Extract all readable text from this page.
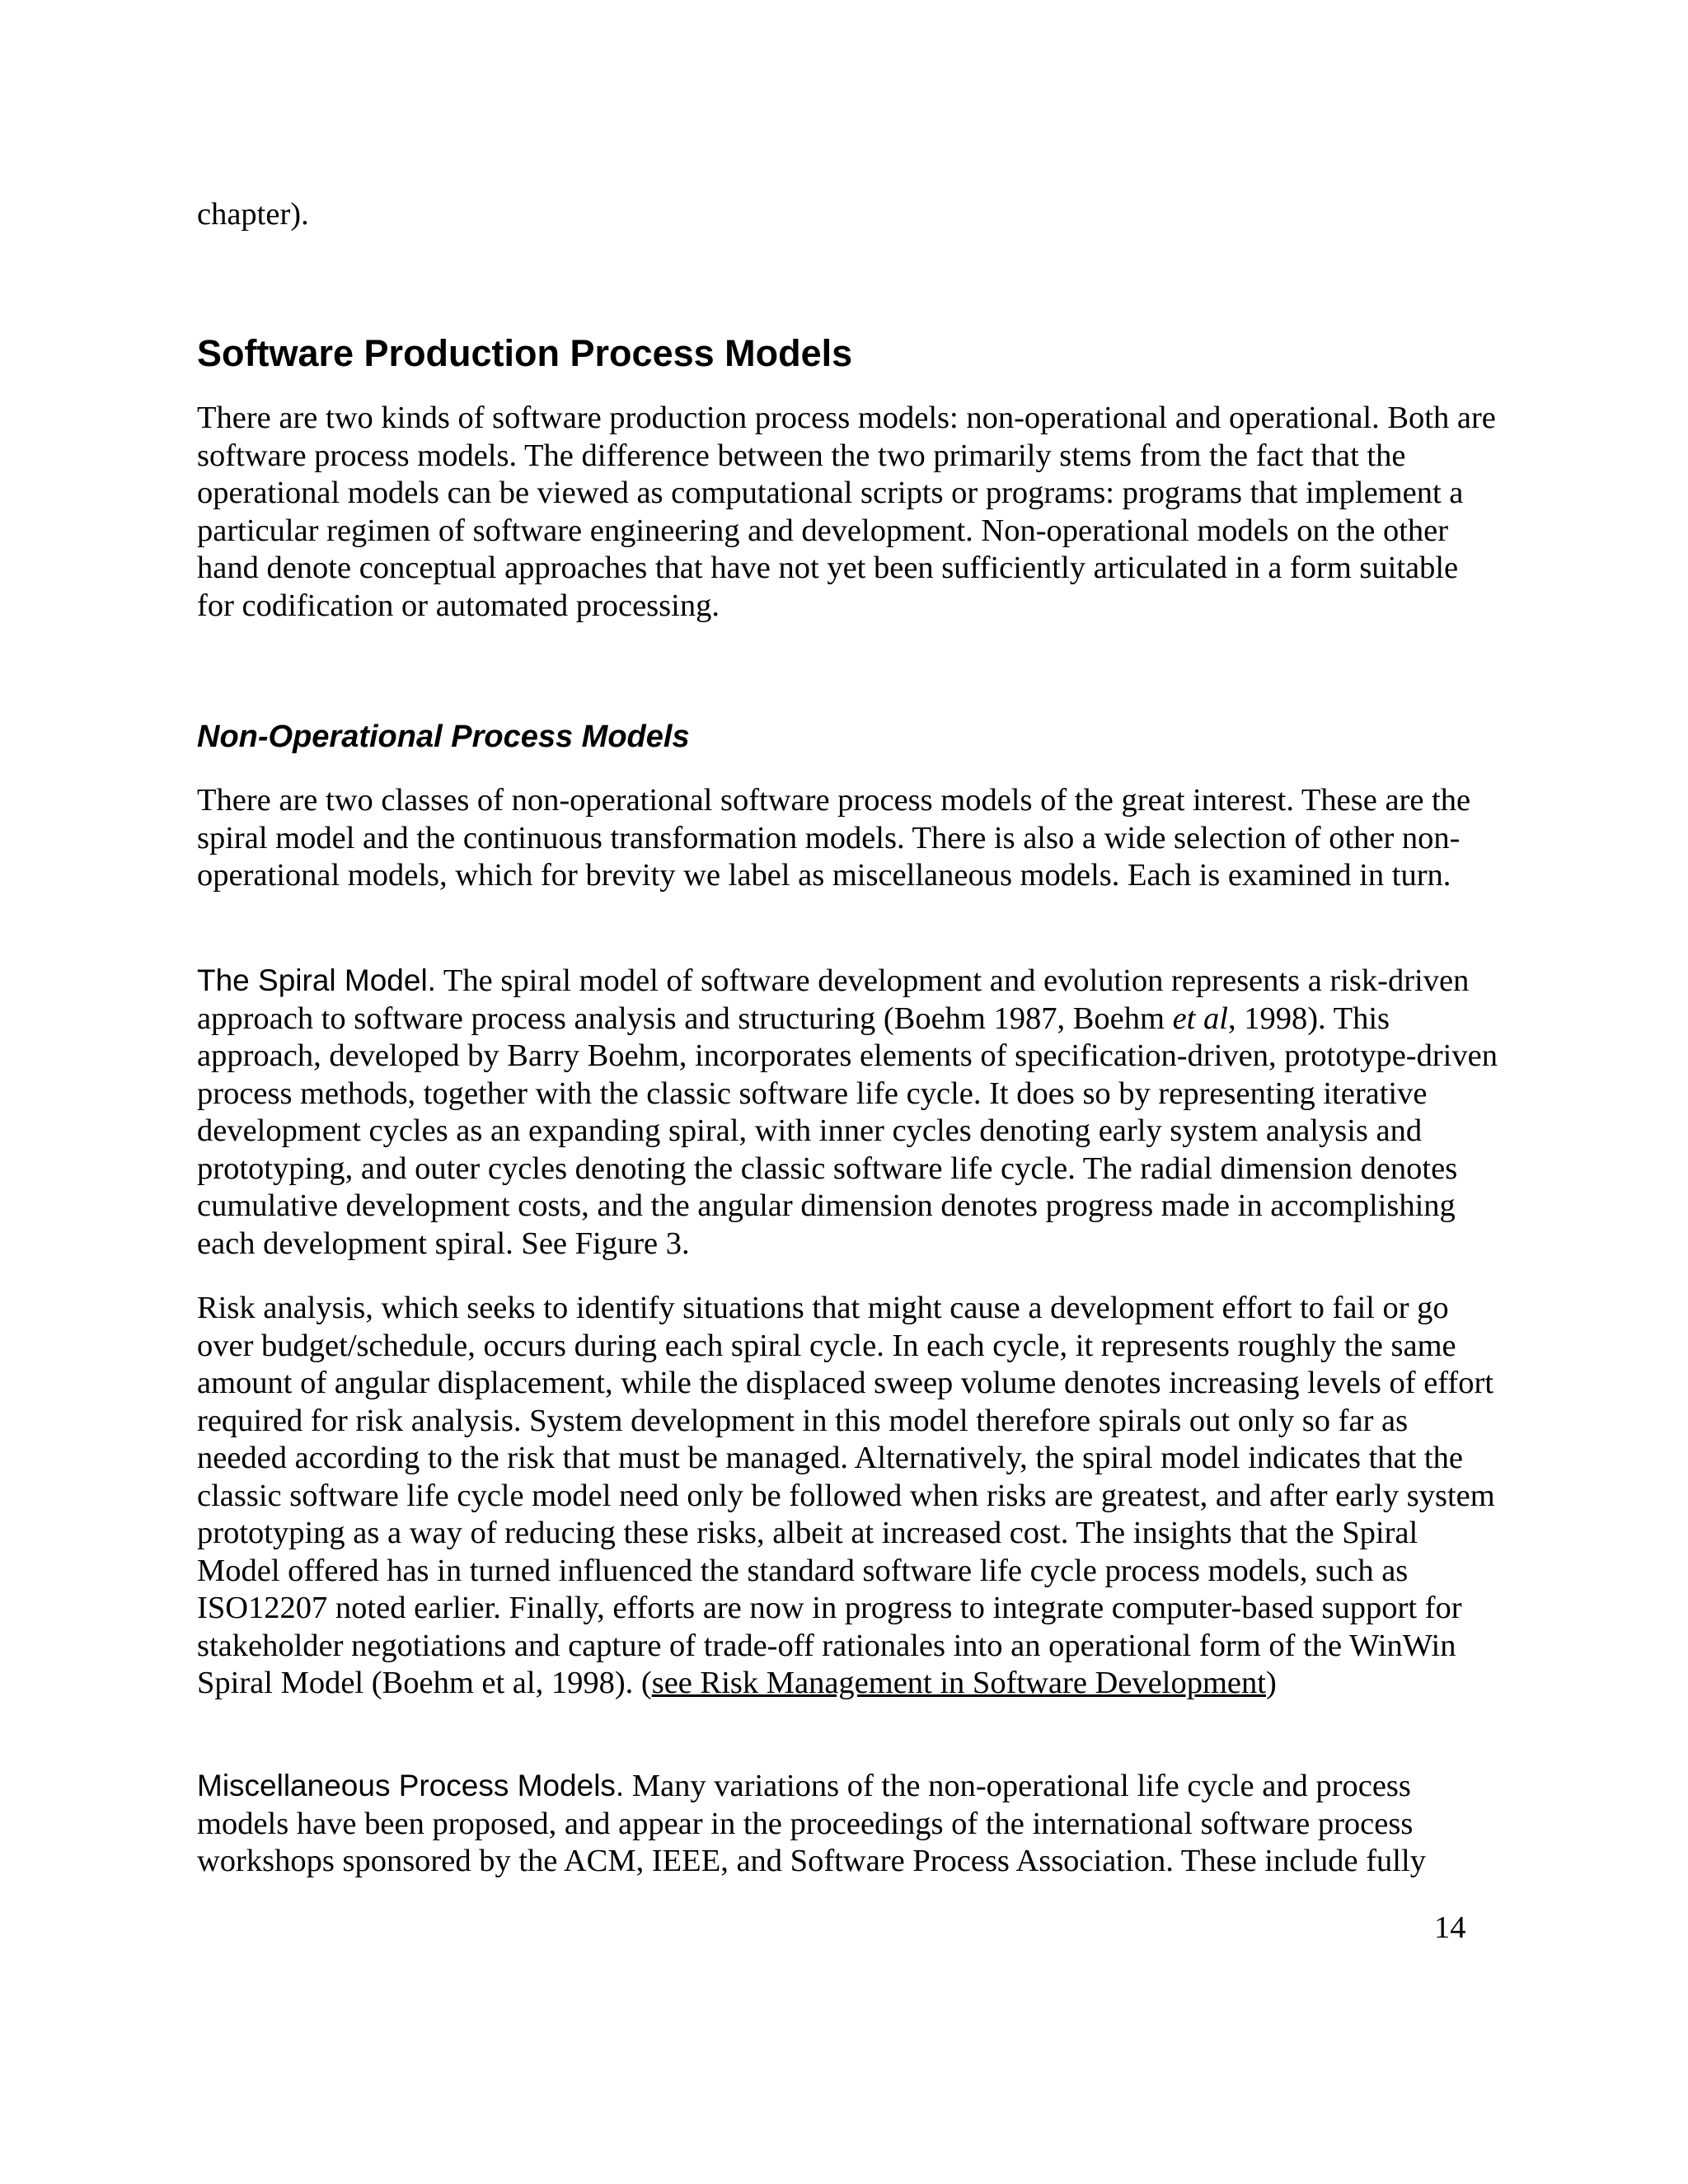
chapter).

Software Production Process Models

There are two kinds of software production process models: non-operational and operational. Both are software process models. The difference between the two primarily stems from the fact that the operational models can be viewed as computational scripts or programs: programs that implement a particular regimen of software engineering and development. Non-operational models on the other hand denote conceptual approaches that have not yet been sufficiently articulated in a form suitable for codification or automated processing.

Non-Operational Process Models

There are two classes of non-operational software process models of the great interest. These are the spiral model and the continuous transformation models. There is also a wide selection of other non-operational models, which for brevity we label as miscellaneous models. Each is examined in turn.

The Spiral Model. The spiral model of software development and evolution represents a risk-driven approach to software process analysis and structuring (Boehm 1987, Boehm et al, 1998). This approach, developed by Barry Boehm, incorporates elements of specification-driven, prototype-driven process methods, together with the classic software life cycle. It does so by representing iterative development cycles as an expanding spiral, with inner cycles denoting early system analysis and prototyping, and outer cycles denoting the classic software life cycle. The radial dimension denotes cumulative development costs, and the angular dimension denotes progress made in accomplishing each development spiral. See Figure 3.

Risk analysis, which seeks to identify situations that might cause a development effort to fail or go over budget/schedule, occurs during each spiral cycle. In each cycle, it represents roughly the same amount of angular displacement, while the displaced sweep volume denotes increasing levels of effort required for risk analysis. System development in this model therefore spirals out only so far as needed according to the risk that must be managed. Alternatively, the spiral model indicates that the classic software life cycle model need only be followed when risks are greatest, and after early system prototyping as a way of reducing these risks, albeit at increased cost. The insights that the Spiral Model offered has in turned influenced the standard software life cycle process models, such as ISO12207 noted earlier. Finally, efforts are now in progress to integrate computer-based support for stakeholder negotiations and capture of trade-off rationales into an operational form of the WinWin Spiral Model (Boehm et al, 1998). (see Risk Management in Software Development)

Miscellaneous Process Models. Many variations of the non-operational life cycle and process models have been proposed, and appear in the proceedings of the international software process workshops sponsored by the ACM, IEEE, and Software Process Association. These include fully

14
